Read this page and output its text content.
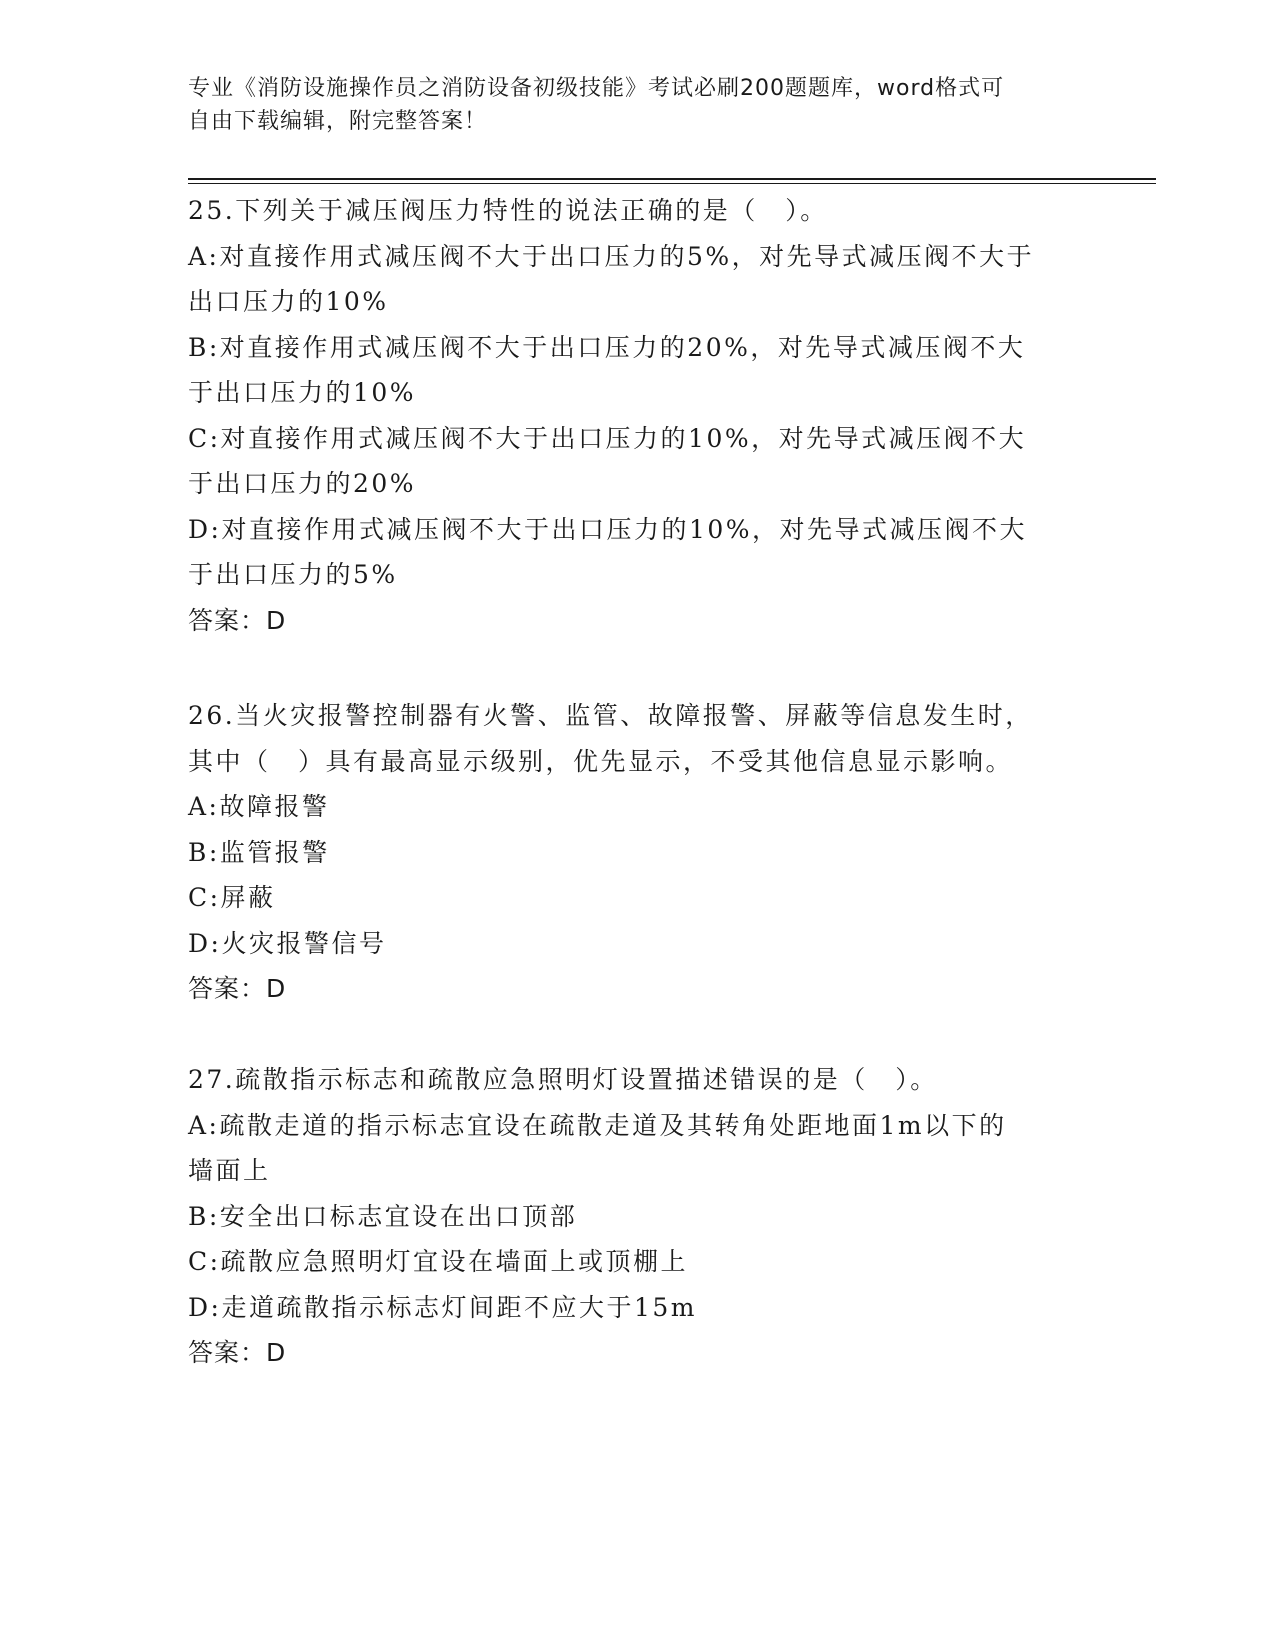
专业《消防设施操作员之消防设备初级技能》考试必刷200题题库，word格式可
自由下载编辑，附完整答案！
25.下列关于减压阀压力特性的说法正确的是（　）。
A:对直接作用式减压阀不大于出口压力的5%，对先导式减压阀不大于
出口压力的10%
B:对直接作用式减压阀不大于出口压力的20%，对先导式减压阀不大
于出口压力的10%
C:对直接作用式减压阀不大于出口压力的10%，对先导式减压阀不大
于出口压力的20%
D:对直接作用式减压阀不大于出口压力的10%，对先导式减压阀不大
于出口压力的5%
答案：D
26.当火灾报警控制器有火警、监管、故障报警、屏蔽等信息发生时，
其中（　）具有最高显示级别，优先显示，不受其他信息显示影响。
A:故障报警
B:监管报警
C:屏蔽
D:火灾报警信号
答案：D
27.疏散指示标志和疏散应急照明灯设置描述错误的是（　）。
A:疏散走道的指示标志宜设在疏散走道及其转角处距地面1m以下的
墙面上
B:安全出口标志宜设在出口顶部
C:疏散应急照明灯宜设在墙面上或顶棚上
D:走道疏散指示标志灯间距不应大于15m
答案：D
